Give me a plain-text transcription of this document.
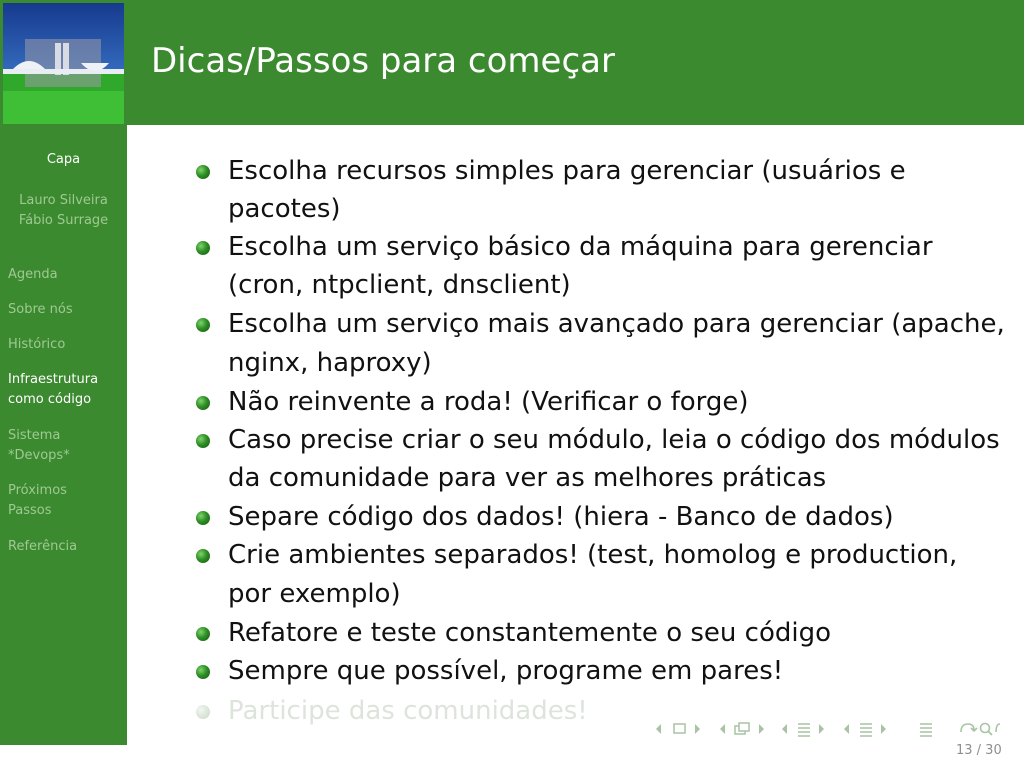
Dicas/Passos para começar
Capa
Lauro Silveira
Fábio Surrage
Agenda
Sobre nós
Histórico
Infraestrutura
como código
Sistema
*Devops*
Próximos
Passos
Referência
Escolha recursos simples para gerenciar (usuários e
pacotes)
Escolha um serviço básico da máquina para gerenciar
(cron, ntpclient, dnsclient)
Escolha um serviço mais avançado para gerenciar (apache,
nginx, haproxy)
Não reinvente a roda! (Verificar o forge)
Caso precise criar o seu módulo, leia o código dos módulos
da comunidade para ver as melhores práticas
Separe código dos dados! (hiera - Banco de dados)
Crie ambientes separados! (test, homolog e production,
por exemplo)
Refatore e teste constantemente o seu código
Sempre que possível, programe em pares!
Participe das comunidades!
13 / 30
